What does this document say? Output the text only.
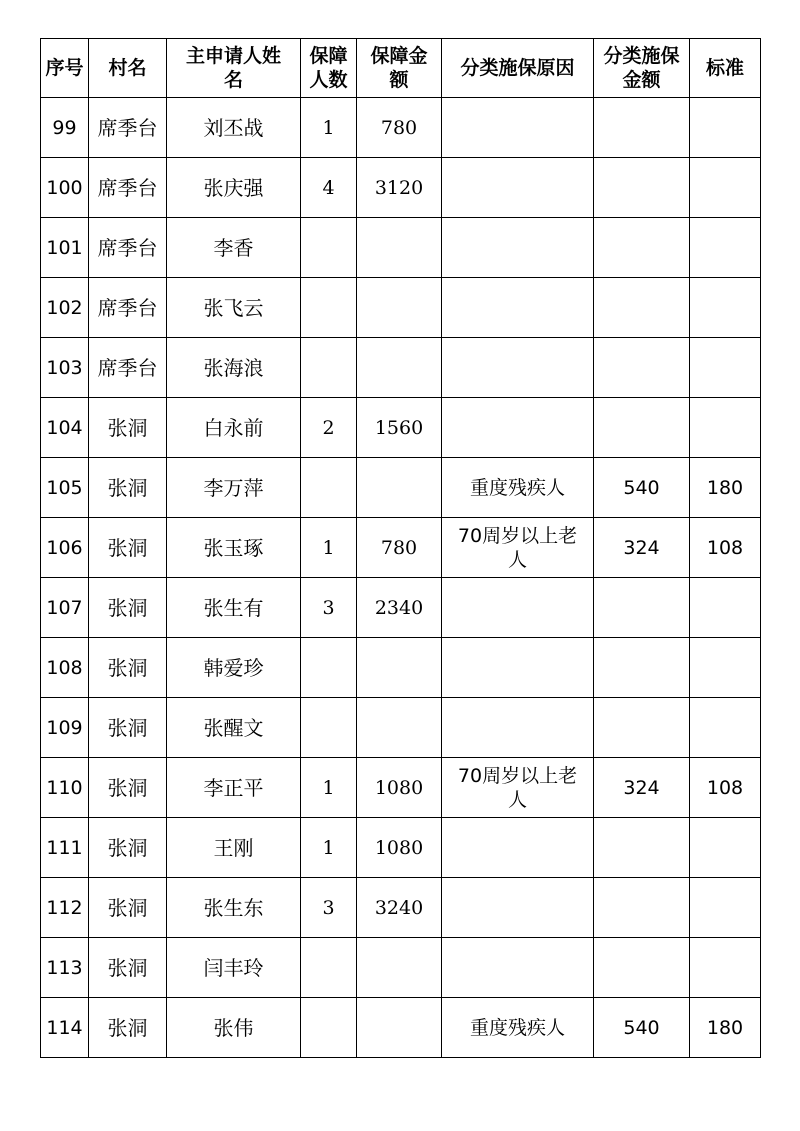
序号	村名	主申请人姓名	保障人数	保障金额	分类施保原因	分类施保金额	标准
99	席季台	刘丕战	1	780			
100	席季台	张庆强	4	3120			
101	席季台	李香					
102	席季台	张飞云					
103	席季台	张海浪					
104	张洞	白永前	2	1560			
105	张洞	李万萍			重度残疾人	540	180
106	张洞	张玉琢	1	780	70周岁以上老人	324	108
107	张洞	张生有	3	2340			
108	张洞	韩爱珍					
109	张洞	张醒文					
110	张洞	李正平	1	1080	70周岁以上老人	324	108
111	张洞	王刚	1	1080			
112	张洞	张生东	3	3240			
113	张洞	闫丰玲					
114	张洞	张伟			重度残疾人	540	180
